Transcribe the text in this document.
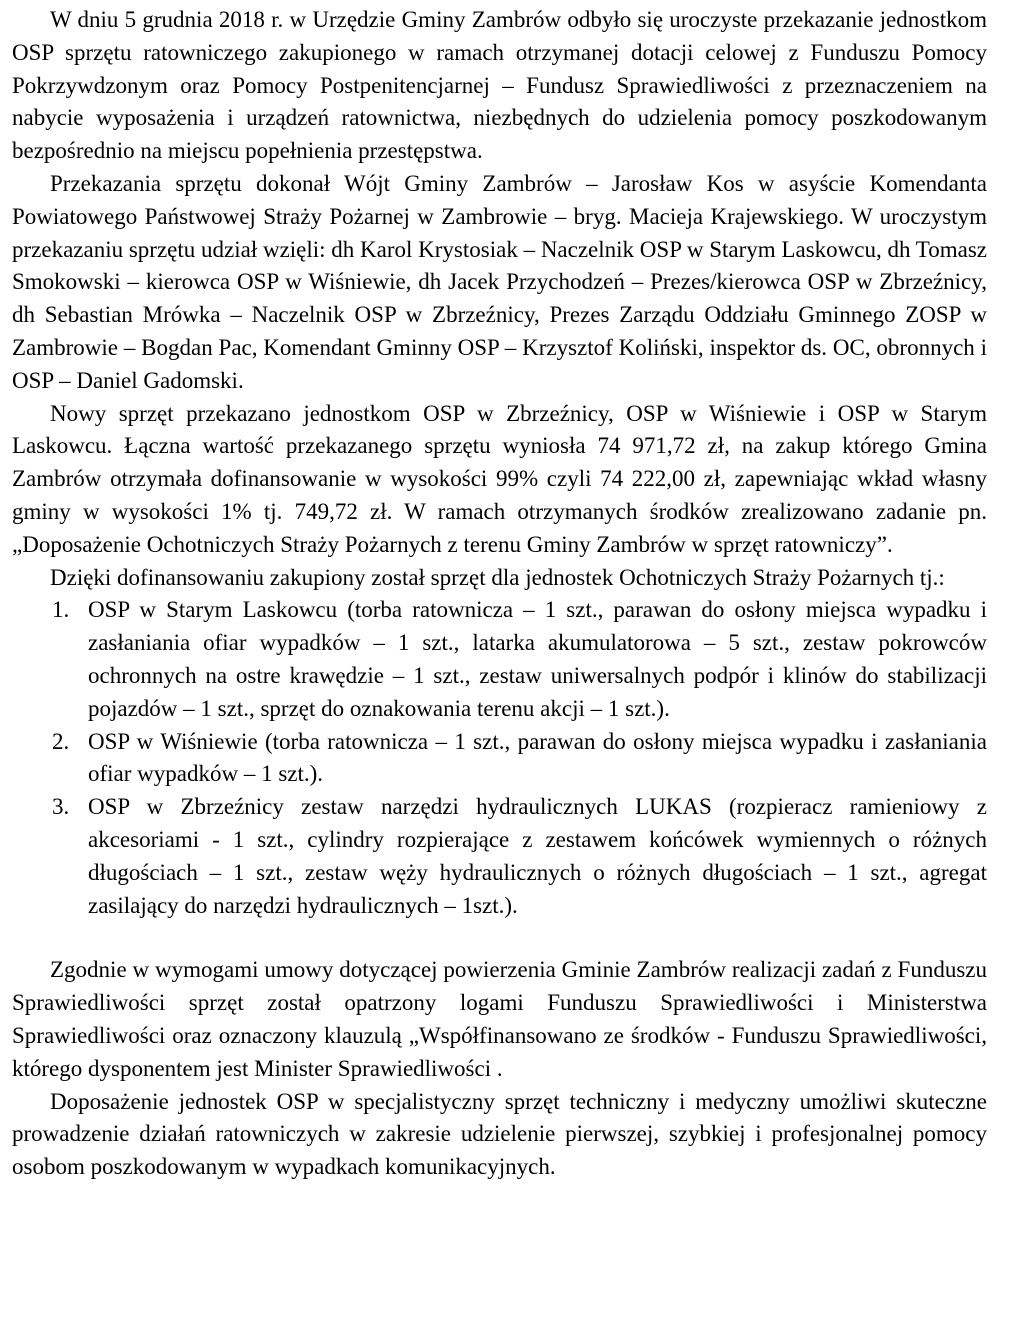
W dniu 5 grudnia 2018 r. w Urzędzie Gminy Zambrów odbyło się uroczyste przekazanie jednostkom OSP sprzętu ratowniczego zakupionego w ramach otrzymanej dotacji celowej z Funduszu Pomocy Pokrzywdzonym oraz Pomocy Postpenitencjarnej – Fundusz Sprawiedliwości z przeznaczeniem na nabycie wyposażenia i urządzeń ratownictwa, niezbędnych do udzielenia pomocy poszkodowanym bezpośrednio na miejscu popełnienia przestępstwa.

Przekazania sprzętu dokonał Wójt Gminy Zambrów – Jarosław Kos w asyście Komendanta Powiatowego Państwowej Straży Pożarnej w Zambrowie – bryg. Macieja Krajewskiego. W uroczystym przekazaniu sprzętu udział wzięli: dh Karol Krystosiak – Naczelnik OSP w Starym Laskowcu, dh Tomasz Smokowski – kierowca OSP w Wiśniewie, dh Jacek Przychodzeń – Prezes/kierowca OSP w Zbrzeźnicy, dh Sebastian Mrówka – Naczelnik OSP w Zbrzeźnicy, Prezes Zarządu Oddziału Gminnego ZOSP w Zambrowie – Bogdan Pac, Komendant Gminny OSP – Krzysztof Koliński, inspektor ds. OC, obronnych i OSP – Daniel Gadomski.

Nowy sprzęt przekazano jednostkom OSP w Zbrzeźnicy, OSP w Wiśniewie i OSP w Starym Laskowcu. Łączna wartość przekazanego sprzętu wyniosła 74 971,72 zł, na zakup którego Gmina Zambrów otrzymała dofinansowanie w wysokości 99% czyli 74 222,00 zł, zapewniając wkład własny gminy w wysokości 1% tj. 749,72 zł. W ramach otrzymanych środków zrealizowano zadanie pn. „Doposażenie Ochotniczych Straży Pożarnych z terenu Gminy Zambrów w sprzęt ratowniczy”.

Dzięki dofinansowaniu zakupiony został sprzęt dla jednostek Ochotniczych Straży Pożarnych tj.:

1. OSP w Starym Laskowcu (torba ratownicza – 1 szt., parawan do osłony miejsca wypadku i zasłaniania ofiar wypadków – 1 szt., latarka akumulatorowa – 5 szt., zestaw pokrowców ochronnych na ostre krawędzie – 1 szt., zestaw uniwersalnych podpór i klinów do stabilizacji pojazdów – 1 szt., sprzęt do oznakowania terenu akcji – 1 szt.).
2. OSP w Wiśniewie (torba ratownicza – 1 szt., parawan do osłony miejsca wypadku i zasłaniania ofiar wypadków – 1 szt.).
3. OSP w Zbrzeźnicy zestaw narzędzi hydraulicznych LUKAS (rozpieracz ramieniowy z akcesoriami - 1 szt., cylindry rozpierające z zestawem końcówek wymiennych o różnych długościach – 1 szt., zestaw węży hydraulicznych o różnych długościach – 1 szt., agregat zasilający do narzędzi hydraulicznych – 1szt.).

Zgodnie w wymogami umowy dotyczącej powierzenia Gminie Zambrów realizacji zadań z Funduszu Sprawiedliwości sprzęt został opatrzony logami Funduszu Sprawiedliwości i Ministerstwa Sprawiedliwości oraz oznaczony klauzulą „Współfinansowano ze środków - Funduszu Sprawiedliwości, którego dysponentem jest Minister Sprawiedliwości .

Doposażenie jednostek OSP w specjalistyczny sprzęt techniczny i medyczny umożliwi skuteczne prowadzenie działań ratowniczych w zakresie udzielenie pierwszej, szybkiej i profesjonalnej pomocy osobom poszkodowanym w wypadkach komunikacyjnych.
